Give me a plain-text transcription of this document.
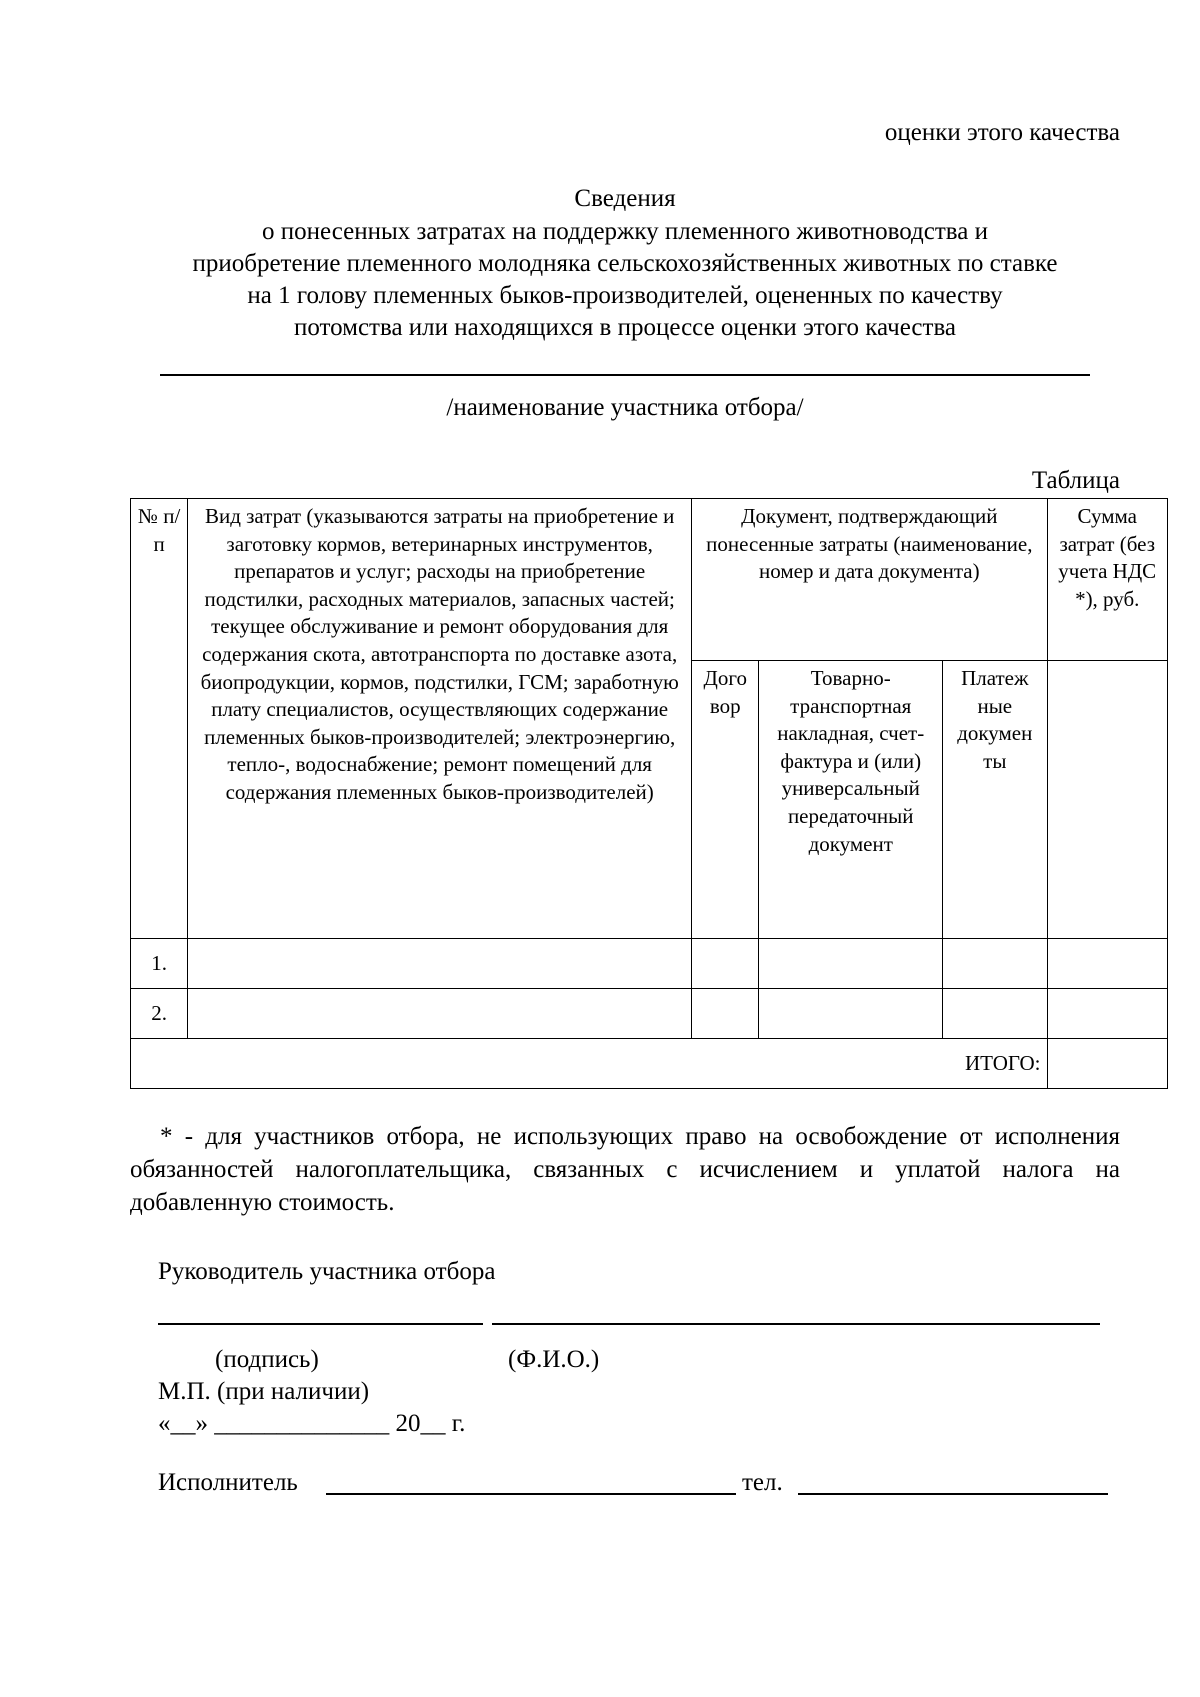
оценки этого качества
Сведения
о понесенных затратах на поддержку племенного животноводства и
приобретение племенного молодняка сельскохозяйственных животных по ставке
на 1 голову племенных быков-производителей, оцененных по качеству
потомства или находящихся в процессе оценки этого качества
/наименование участника отбора/
Таблица
№ п/п	Вид затрат (указываются затраты на приобретение и заготовку кормов, ветеринарных инструментов, препаратов и услуг; расходы на приобретение подстилки, расходных материалов, запасных частей; текущее обслуживание и ремонт оборудования для содержания скота, автотранспорта по доставке азота, биопродукции, кормов, подстилки, ГСМ; заработную плату специалистов, осуществляющих содержание племенных быков-производителей; электроэнергию, тепло-, водоснабжение; ремонт помещений для содержания племенных быков-производителей)	Документ, подтверждающий понесенные затраты (наименование, номер и дата документа)			Сумма затрат (без учета НДС *), руб.
		Дого вор	Товарно-транспортная накладная, счет-фактура и (или) универсальный передаточный документ	Платеж ные докумен ты	
1.					
2.					
ИТОГО:					

* - для участников отбора, не использующих право на освобождение от исполнения обязанностей налогоплательщика, связанных с исчислением и уплатой налога на добавленную стоимость.

Руководитель участника отбора
(подпись)	(Ф.И.О.)
М.П. (при наличии)
«__» ______________ 20__ г.
Исполнитель	тел.
